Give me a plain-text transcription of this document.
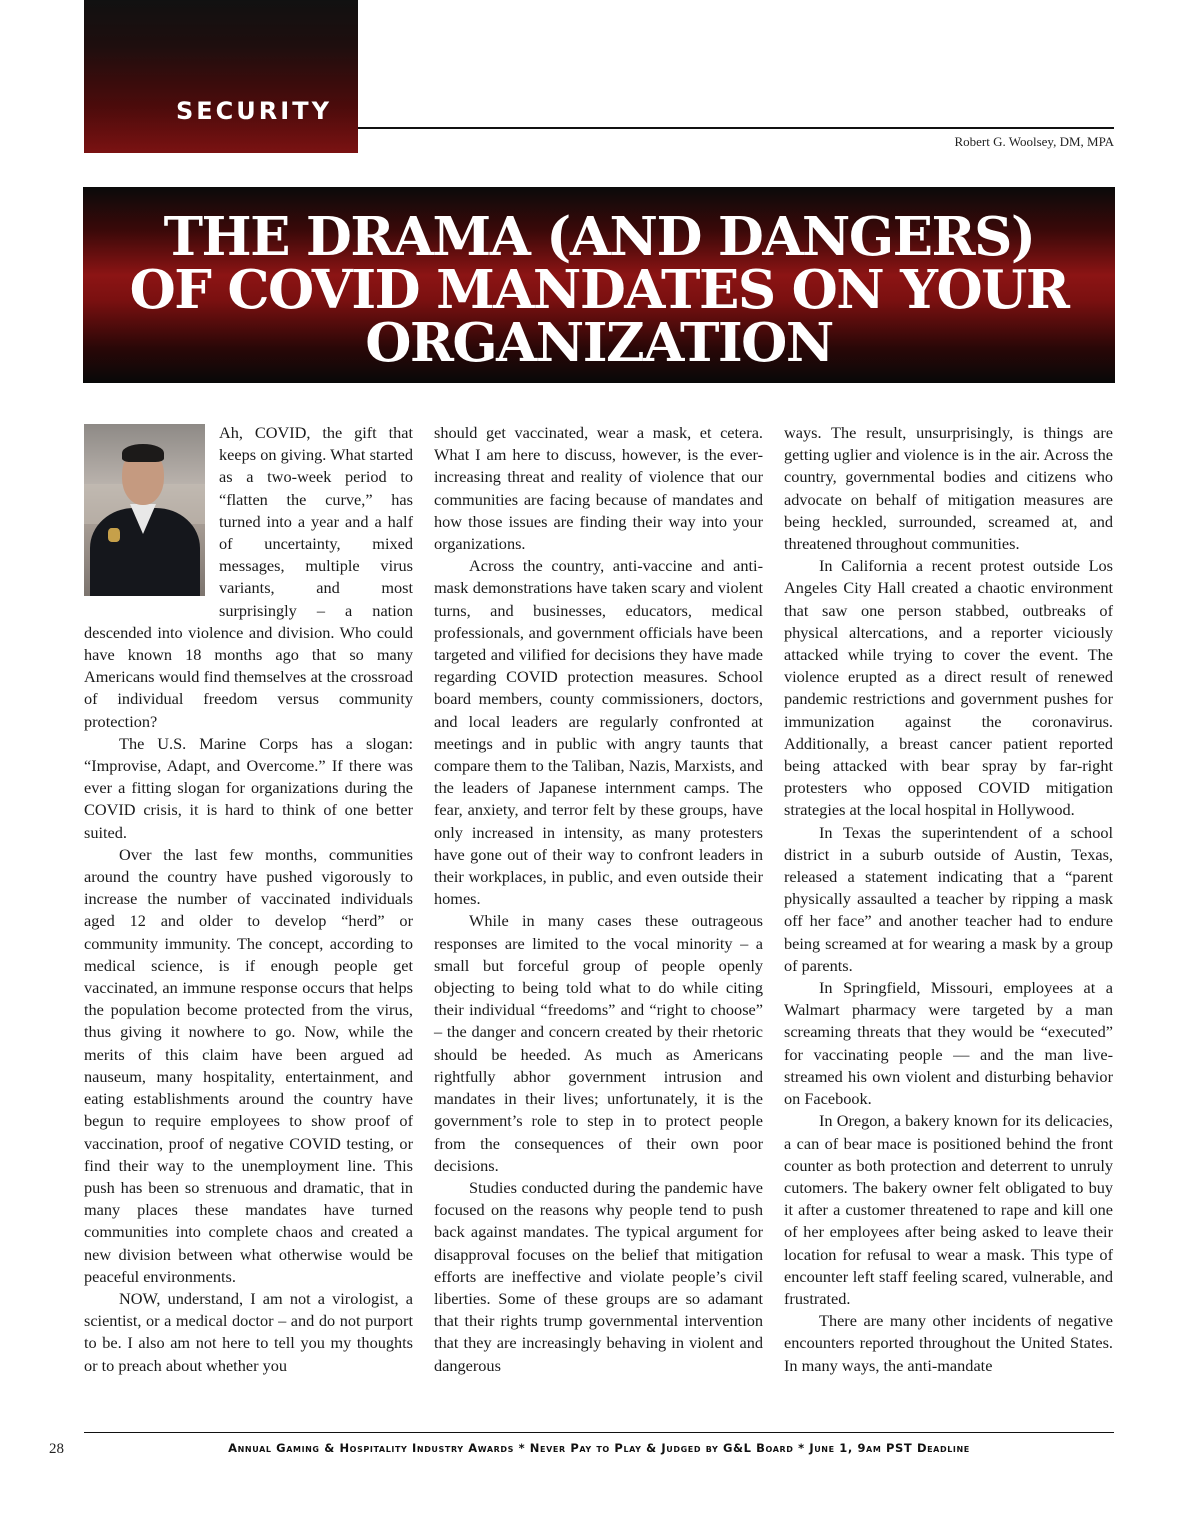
SECURITY
Robert G. Woolsey, DM, MPA
THE DRAMA (AND DANGERS)
OF COVID MANDATES ON YOUR
ORGANIZATION

Ah, COVID, the gift that keeps on giving. What started as a two-week period to “flatten the curve,” has turned into a year and a half of uncertainty, mixed messages, multiple virus variants, and most surprisingly – a nation descended into violence and division. Who could have known 18 months ago that so many Americans would find themselves at the crossroad of individual freedom versus community protection?

The U.S. Marine Corps has a slogan: “Improvise, Adapt, and Overcome.” If there was ever a fitting slogan for organizations during the COVID crisis, it is hard to think of one better suited.

Over the last few months, communities around the country have pushed vigorously to increase the number of vaccinated individuals aged 12 and older to develop “herd” or community immunity. The concept, according to medical science, is if enough people get vaccinated, an immune response occurs that helps the population become protected from the virus, thus giving it nowhere to go. Now, while the merits of this claim have been argued ad nauseum, many hospitality, entertainment, and eating establishments around the country have begun to require employees to show proof of vaccination, proof of negative COVID testing, or find their way to the unemployment line. This push has been so strenuous and dramatic, that in many places these mandates have turned communities into complete chaos and created a new division between what otherwise would be peaceful environments.

NOW, understand, I am not a virologist, a scientist, or a medical doctor – and do not purport to be. I also am not here to tell you my thoughts or to preach about whether you

should get vaccinated, wear a mask, et cetera. What I am here to discuss, however, is the ever-increasing threat and reality of violence that our communities are facing because of mandates and how those issues are finding their way into your organizations.

Across the country, anti-vaccine and anti-mask demonstrations have taken scary and violent turns, and businesses, educators, medical professionals, and government officials have been targeted and vilified for decisions they have made regarding COVID protection measures. School board members, county commissioners, doctors, and local leaders are regularly confronted at meetings and in public with angry taunts that compare them to the Taliban, Nazis, Marxists, and the leaders of Japanese internment camps. The fear, anxiety, and terror felt by these groups, have only increased in intensity, as many protesters have gone out of their way to confront leaders in their workplaces, in public, and even outside their homes.

While in many cases these outrageous responses are limited to the vocal minority – a small but forceful group of people openly objecting to being told what to do while citing their individual “freedoms” and “right to choose” – the danger and concern created by their rhetoric should be heeded. As much as Americans rightfully abhor government intrusion and mandates in their lives; unfortunately, it is the government’s role to step in to protect people from the consequences of their own poor decisions.

Studies conducted during the pandemic have focused on the reasons why people tend to push back against mandates. The typical argument for disapproval focuses on the belief that mitigation efforts are ineffective and violate people’s civil liberties. Some of these groups are so adamant that their rights trump governmental intervention that they are increasingly behaving in violent and dangerous

ways. The result, unsurprisingly, is things are getting uglier and violence is in the air. Across the country, governmental bodies and citizens who advocate on behalf of mitigation measures are being heckled, surrounded, screamed at, and threatened throughout communities.

In California a recent protest outside Los Angeles City Hall created a chaotic environment that saw one person stabbed, outbreaks of physical altercations, and a reporter viciously attacked while trying to cover the event. The violence erupted as a direct result of renewed pandemic restrictions and government pushes for immunization against the coronavirus. Additionally, a breast cancer patient reported being attacked with bear spray by far-right protesters who opposed COVID mitigation strategies at the local hospital in Hollywood.

In Texas the superintendent of a school district in a suburb outside of Austin, Texas, released a statement indicating that a “parent physically assaulted a teacher by ripping a mask off her face” and another teacher had to endure being screamed at for wearing a mask by a group of parents.

In Springfield, Missouri, employees at a Walmart pharmacy were targeted by a man screaming threats that they would be “executed” for vaccinating people — and the man live-streamed his own violent and disturbing behavior on Facebook.

In Oregon, a bakery known for its delicacies, a can of bear mace is positioned behind the front counter as both protection and deterrent to unruly cutomers. The bakery owner felt obligated to buy it after a customer threatened to rape and kill one of her employees after being asked to leave their location for refusal to wear a mask. This type of encounter left staff feeling scared, vulnerable, and frustrated.

There are many other incidents of negative encounters reported throughout the United States. In many ways, the anti-mandate

28	Annual Gaming & Hospitality Industry Awards * Never Pay to Play & Judged by G&L Board * June 1, 9am PST Deadline
